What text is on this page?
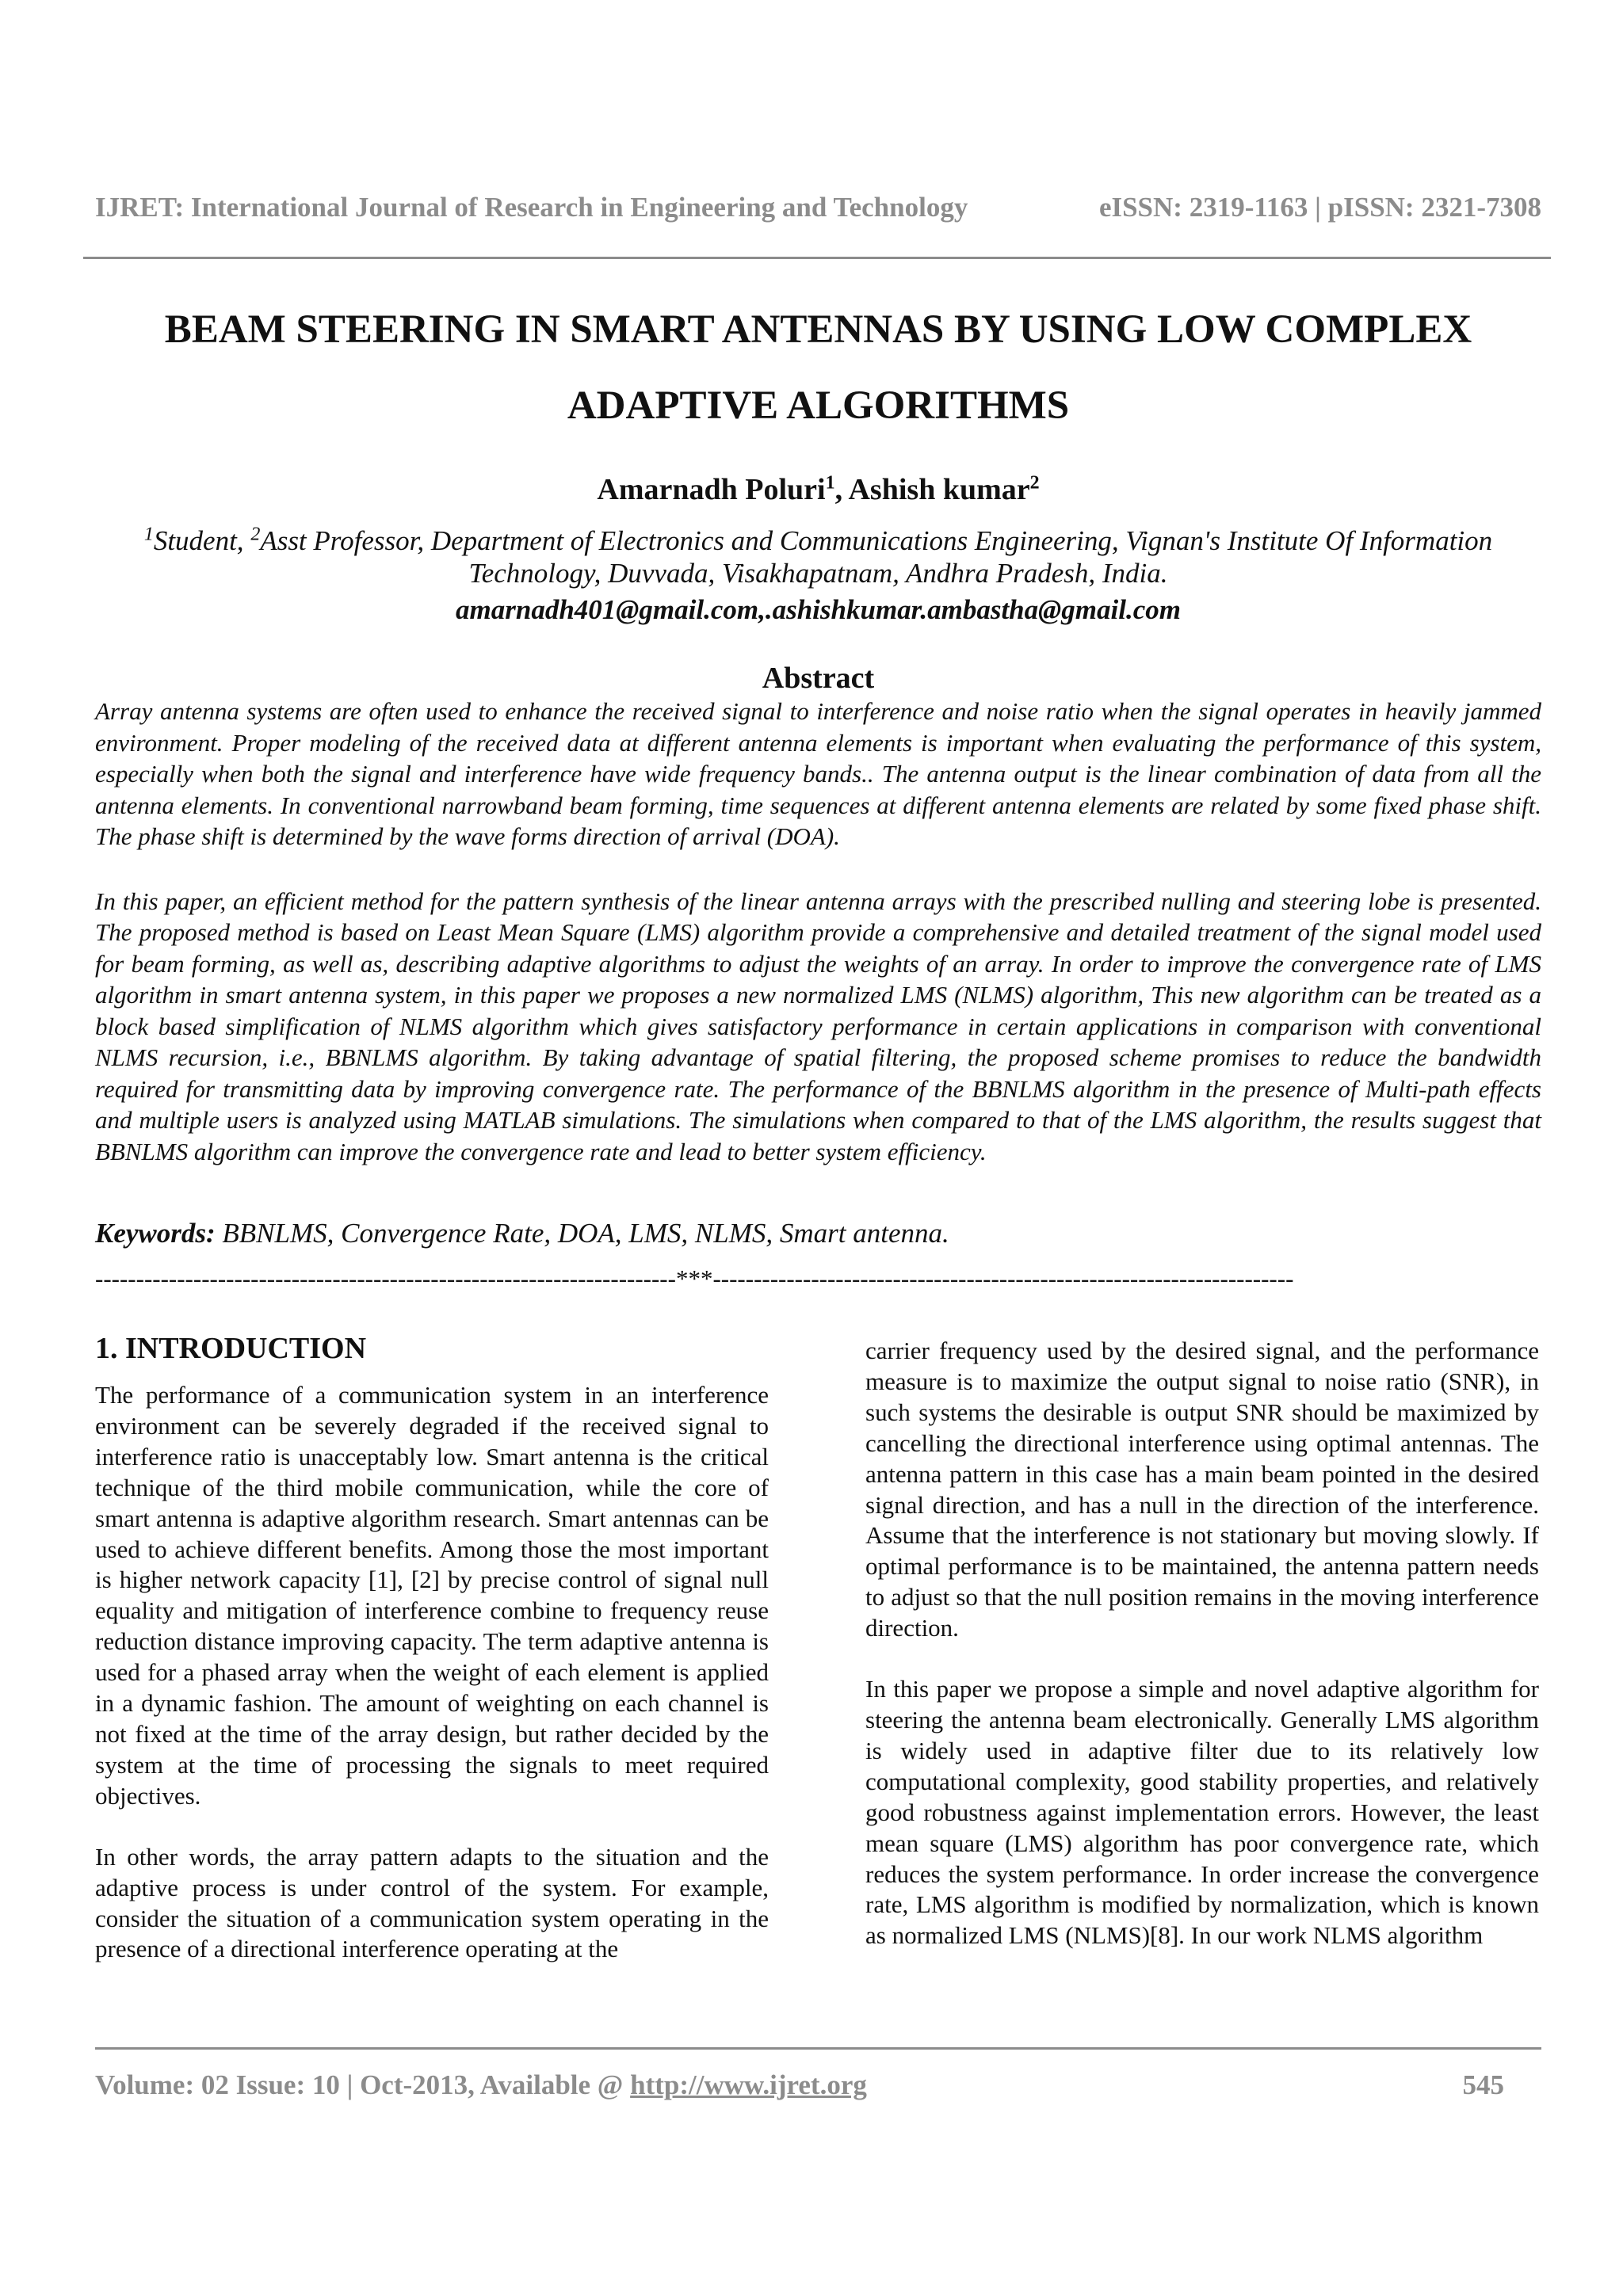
IJRET: International Journal of Research in Engineering and Technology	eISSN: 2319-1163 | pISSN: 2321-7308
BEAM STEERING IN SMART ANTENNAS BY USING LOW COMPLEX
ADAPTIVE ALGORITHMS
Amarnadh Poluri$^1$, Ashish kumar$^2$
$^1$Student, $^2$Asst Professor, Department of Electronics and Communications Engineering, Vignan's Institute Of Information
Technology, Duvvada, Visakhapatnam, Andhra Pradesh, India.
amarnadh401@gmail.com,.ashishkumar.ambastha@gmail.com
Abstract

Array antenna systems are often used to enhance the received signal to interference and noise ratio when the signal operates in heavily jammed environment. Proper modeling of the received data at different antenna elements is important when evaluating the performance of this system, especially when both the signal and interference have wide frequency bands.. The antenna output is the linear combination of data from all the antenna elements. In conventional narrowband beam forming, time sequences at different antenna elements are related by some fixed phase shift. The phase shift is determined by the wave forms direction of arrival (DOA).

In this paper, an efficient method for the pattern synthesis of the linear antenna arrays with the prescribed nulling and steering lobe is presented. The proposed method is based on Least Mean Square (LMS) algorithm provide a comprehensive and detailed treatment of the signal model used for beam forming, as well as, describing adaptive algorithms to adjust the weights of an array. In order to improve the convergence rate of LMS algorithm in smart antenna system, in this paper we proposes a new normalized LMS (NLMS) algorithm, This new algorithm can be treated as a block based simplification of NLMS algorithm which gives satisfactory performance in certain applications in comparison with conventional NLMS recursion, i.e., BBNLMS algorithm. By taking advantage of spatial filtering, the proposed scheme promises to reduce the bandwidth required for transmitting data by improving convergence rate. The performance of the BBNLMS algorithm in the presence of Multi-path effects and multiple users is analyzed using MATLAB simulations. The simulations when compared to that of the LMS algorithm, the results suggest that BBNLMS algorithm can improve the convergence rate and lead to better system efficiency.

Keywords: BBNLMS, Convergence Rate, DOA, LMS, NLMS, Smart antenna.
-----------------------------------------------------------------------***-----------------------------------------------------------------------
1. INTRODUCTION

The performance of a communication system in an interference environment can be severely degraded if the received signal to interference ratio is unacceptably low. Smart antenna is the critical technique of the third mobile communication, while the core of smart antenna is adaptive algorithm research. Smart antennas can be used to achieve different benefits. Among those the most important is higher network capacity [1], [2] by precise control of signal null equality and mitigation of interference combine to frequency reuse reduction distance improving capacity. The term adaptive antenna is used for a phased array when the weight of each element is applied in a dynamic fashion. The amount of weighting on each channel is not fixed at the time of the array design, but rather decided by the system at the time of processing the signals to meet required objectives.

In other words, the array pattern adapts to the situation and the adaptive process is under control of the system. For example, consider the situation of a communication system operating in the presence of a directional interference operating at the

carrier frequency used by the desired signal, and the performance measure is to maximize the output signal to noise ratio (SNR), in such systems the desirable is output SNR should be maximized by cancelling the directional interference using optimal antennas. The antenna pattern in this case has a main beam pointed in the desired signal direction, and has a null in the direction of the interference. Assume that the interference is not stationary but moving slowly. If optimal performance is to be maintained, the antenna pattern needs to adjust so that the null position remains in the moving interference direction.

In this paper we propose a simple and novel adaptive algorithm for steering the antenna beam electronically. Generally LMS algorithm is widely used in adaptive filter due to its relatively low computational complexity, good stability properties, and relatively good robustness against implementation errors. However, the least mean square (LMS) algorithm has poor convergence rate, which reduces the system performance. In order increase the convergence rate, LMS algorithm is modified by normalization, which is known as normalized LMS (NLMS)[8]. In our work NLMS algorithm

Volume: 02 Issue: 10 | Oct-2013, Available @ http://www.ijret.org	545
